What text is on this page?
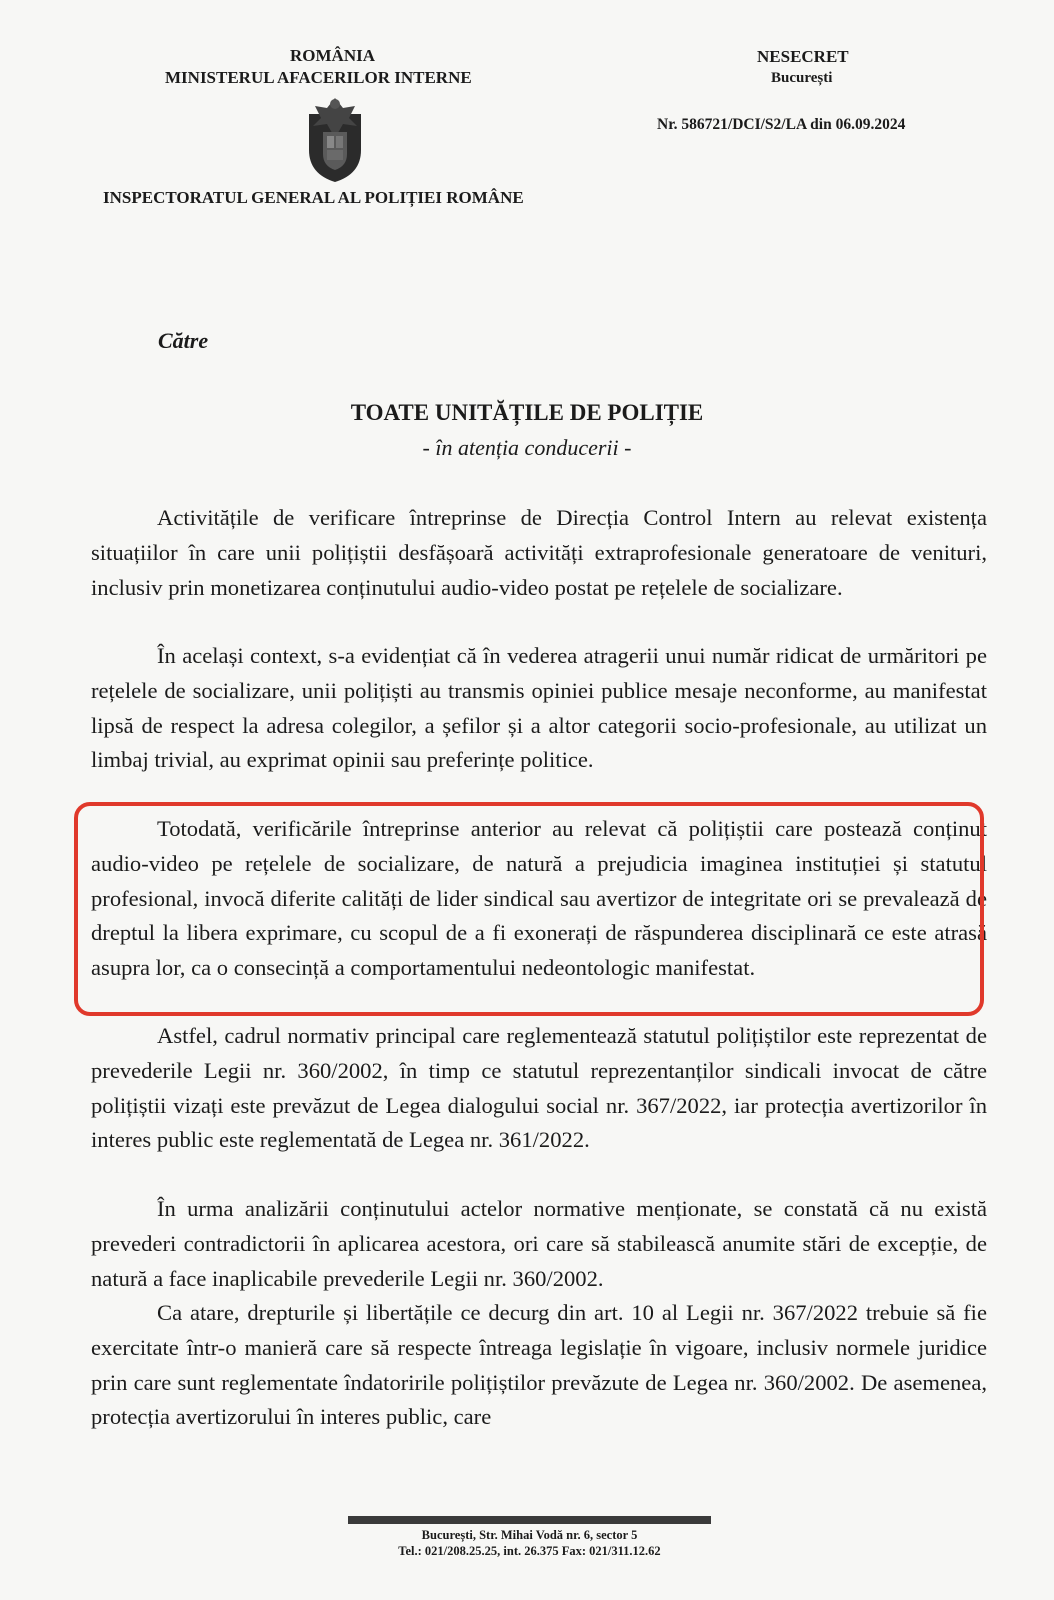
ROMÂNIA
MINISTERUL AFACERILOR INTERNE
INSPECTORATUL GENERAL AL POLIȚIEI ROMÂNE
NESECRET
București
Nr. 586721/DCI/S2/LA din 06.09.2024
Către
TOATE UNITĂȚILE DE POLIȚIE
- în atenția conducerii -

Activitățile de verificare întreprinse de Direcția Control Intern au relevat existența situațiilor în care unii polițiștii desfășoară activități extraprofesionale generatoare de venituri, inclusiv prin monetizarea conținutului audio-video postat pe rețelele de socializare.

În același context, s-a evidențiat că în vederea atragerii unui număr ridicat de urmăritori pe rețelele de socializare, unii polițiști au transmis opiniei publice mesaje neconforme, au manifestat lipsă de respect la adresa colegilor, a șefilor și a altor categorii socio-profesionale, au utilizat un limbaj trivial, au exprimat opinii sau preferințe politice.

Totodată, verificările întreprinse anterior au relevat că polițiștii care postează conținut audio-video pe rețelele de socializare, de natură a prejudicia imaginea instituției și statutul profesional, invocă diferite calități de lider sindical sau avertizor de integritate ori se prevalează de dreptul la libera exprimare, cu scopul de a fi exonerați de răspunderea disciplinară ce este atrasă asupra lor, ca o consecință a comportamentului nedeontologic manifestat.

Astfel, cadrul normativ principal care reglementează statutul polițiștilor este reprezentat de prevederile Legii nr. 360/2002, în timp ce statutul reprezentanților sindicali invocat de către polițiștii vizați este prevăzut de Legea dialogului social nr. 367/2022, iar protecția avertizorilor în interes public este reglementată de Legea nr. 361/2022.

În urma analizării conținutului actelor normative menționate, se constată că nu există prevederi contradictorii în aplicarea acestora, ori care să stabilească anumite stări de excepție, de natură a face inaplicabile prevederile Legii nr. 360/2002.

Ca atare, drepturile și libertățile ce decurg din art. 10 al Legii nr. 367/2022 trebuie să fie exercitate într-o manieră care să respecte întreaga legislație în vigoare, inclusiv normele juridice prin care sunt reglementate îndatoririle polițiștilor prevăzute de Legea nr. 360/2002. De asemenea, protecția avertizorului în interes public, care

București, Str. Mihai Vodă nr. 6, sector 5
Tel.: 021/208.25.25, int. 26.375 Fax: 021/311.12.62
